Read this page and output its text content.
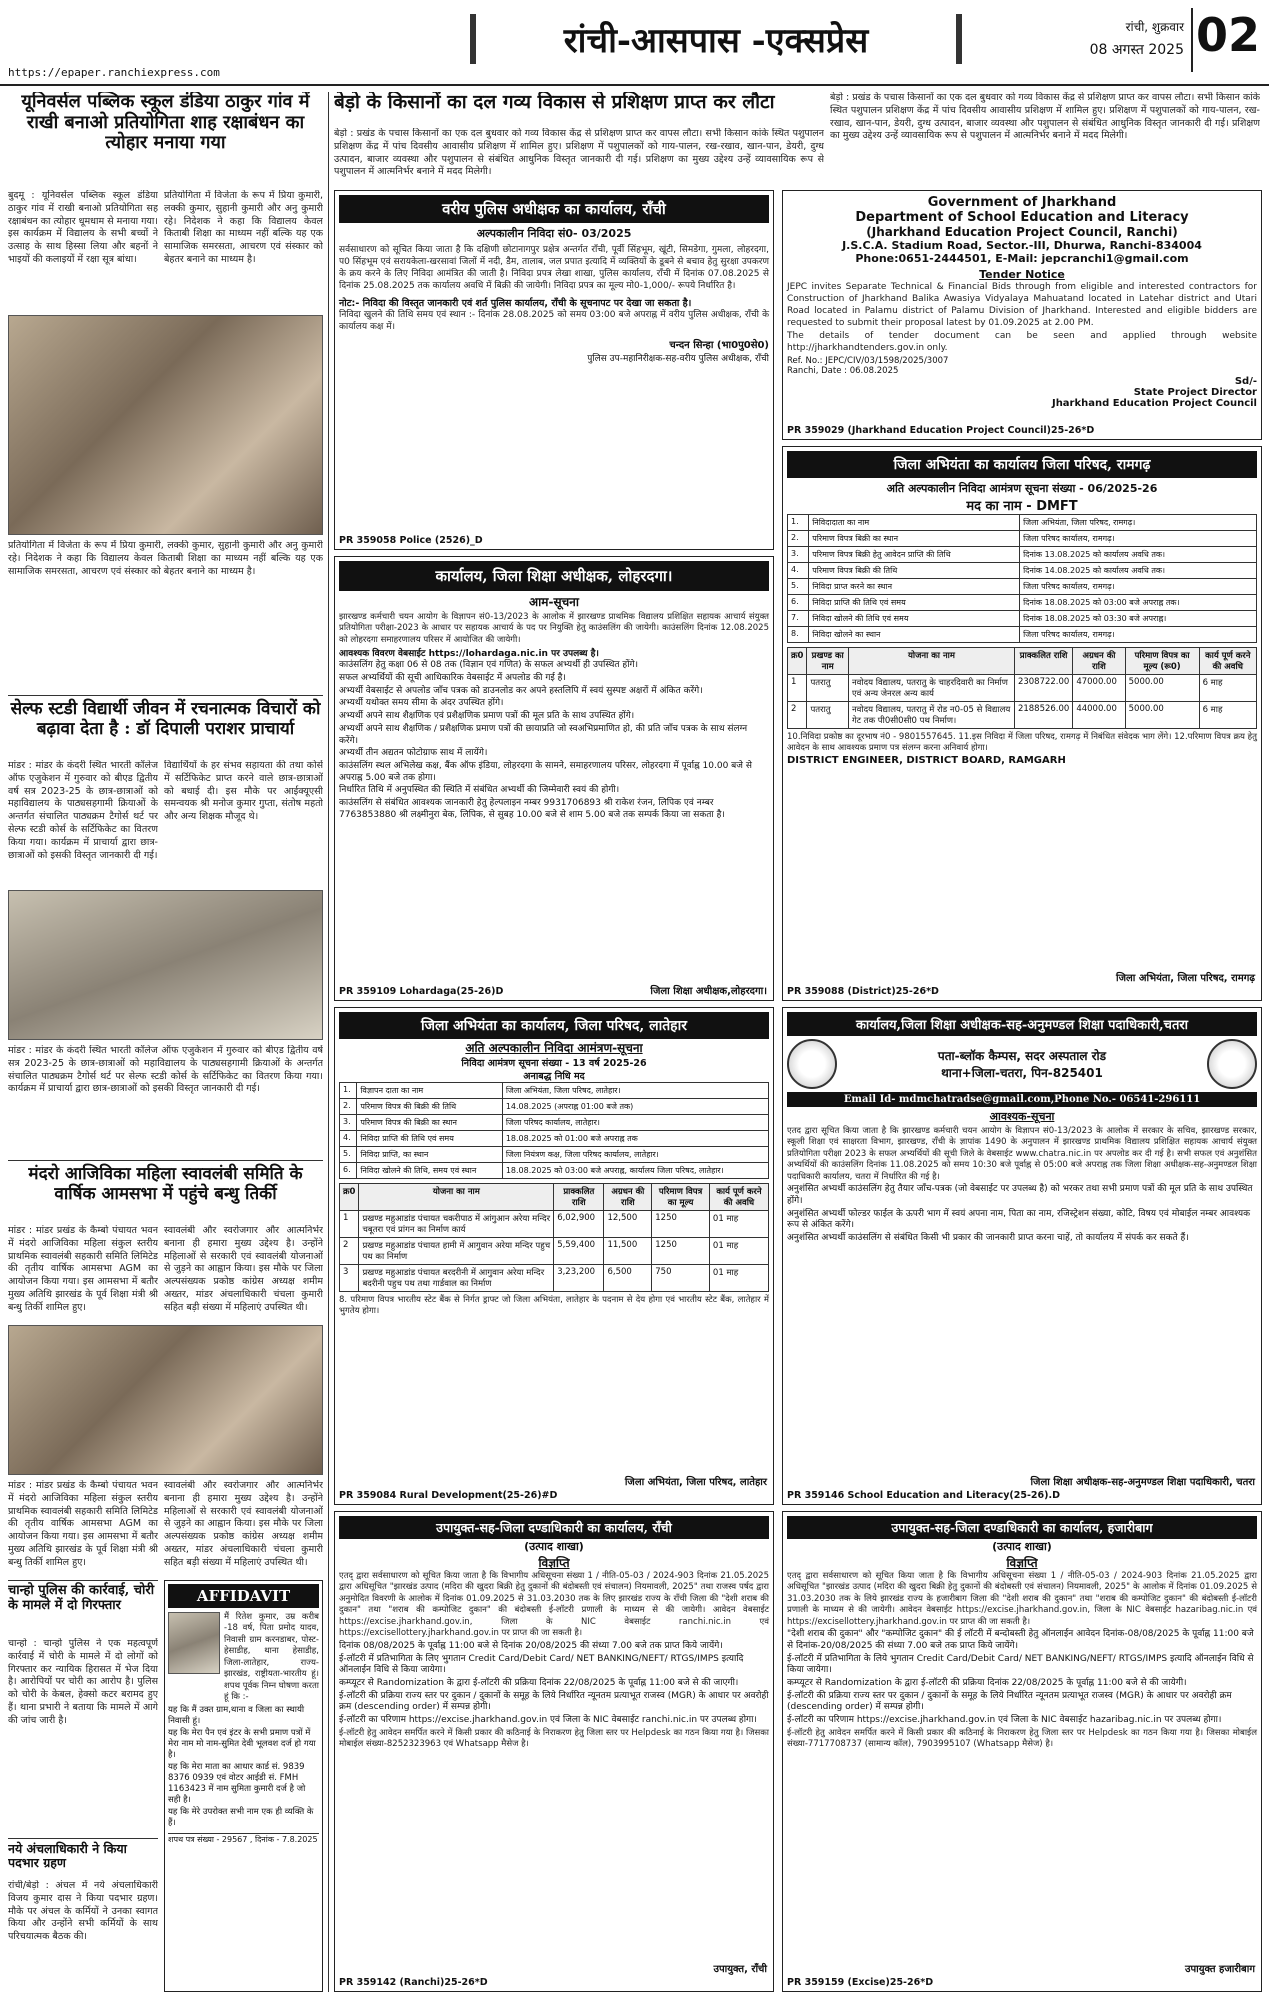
https://epaper.ranchiexpress.com
रांची-आसपास -एक्सप्रेस	रांची, शुक्रवार
08 अगस्त 2025 02
यूनिवर्सल पब्लिक स्कूल डंडिया ठाकुर गांव में राखी बनाओ प्रतियोगिता शाह रक्षाबंधन का त्योहार मनाया गया
बुदमू : यूनिवर्सल पब्लिक स्कूल डंडिया ठाकुर गांव में राखी बनाओ प्रतियोगिता सह रक्षाबंधन का त्योहार धूमधाम से मनाया गया। इस कार्यक्रम में विद्यालय के सभी बच्चों ने उत्साह के साथ हिस्सा लिया और बहनों ने भाइयों की कलाइयों में रक्षा सूत्र बांधा।
प्रतियोगिता में विजेता के रूप में प्रिया कुमारी, लक्की कुमार, सुहानी कुमारी और अनु कुमारी रहे। निदेशक ने कहा कि विद्यालय केवल किताबी शिक्षा का माध्यम नहीं बल्कि यह एक सामाजिक समरसता, आचरण एवं संस्कार को बेहतर बनाने का माध्यम है।
प्रतियोगिता में विजेता के रूप में प्रिया कुमारी, लक्की कुमार, सुहानी कुमारी और अनु कुमारी रहे। निदेशक ने कहा कि विद्यालय केवल किताबी शिक्षा का माध्यम नहीं बल्कि यह एक सामाजिक समरसता, आचरण एवं संस्कार को बेहतर बनाने का माध्यम है।
सेल्फ स्टडी विद्यार्थी जीवन में रचनात्मक विचारों को बढ़ावा देता है : डॉ दिपाली पराशर प्राचार्या
मांडर : मांडर के कंदरी स्थित भारती कॉलेज ऑफ एजुकेशन में गुरुवार को बीएड द्वितीय वर्ष सत्र 2023-25 के छात्र-छात्राओं को महाविद्यालय के पाठ्यसहगामी क्रियाओं के अन्तर्गत संचालित पाठ्यक्रम टैगोर्स थर्ट पर सेल्फ स्टडी कोर्स के सर्टिफिकेट का वितरण किया गया। कार्यक्रम में प्राचार्या द्वारा छात्र-छात्राओं को इसकी विस्तृत जानकारी दी गई।
विद्यार्थियों के हर संभव सहायता की तथा कोर्स में सर्टिफिकेट प्राप्त करने वाले छात्र-छात्राओं को बधाई दी। इस मौके पर आईक्यूएसी समन्वयक श्री मनोज कुमार गुप्ता, संतोष महतो और अन्य शिक्षक मौजूद थे।
मांडर : मांडर के कंदरी स्थित भारती कॉलेज ऑफ एजुकेशन में गुरुवार को बीएड द्वितीय वर्ष सत्र 2023-25 के छात्र-छात्राओं को महाविद्यालय के पाठ्यसहगामी क्रियाओं के अन्तर्गत संचालित पाठ्यक्रम टैगोर्स थर्ट पर सेल्फ स्टडी कोर्स के सर्टिफिकेट का वितरण किया गया। कार्यक्रम में प्राचार्या द्वारा छात्र-छात्राओं को इसकी विस्तृत जानकारी दी गई।
मंदरो आजिविका महिला स्वावलंबी समिति के वार्षिक आमसभा में पहुंचे बन्धु तिर्की
मांडर : मांडर प्रखंड के कैम्बो पंचायत भवन में मंदरो आजिविका महिला संकुल स्तरीय प्राथमिक स्वावलंबी सहकारी समिति लिमिटेड की तृतीय वार्षिक आमसभा AGM का आयोजन किया गया। इस आमसभा में बतौर मुख्य अतिथि झारखंड के पूर्व शिक्षा मंत्री श्री बन्धु तिर्की शामिल हुए।
स्वावलंबी और स्वरोजगार और आत्मनिर्भर बनाना ही हमारा मुख्य उद्देश्य है। उन्होंने महिलाओं से सरकारी एवं स्वावलंबी योजनाओं से जुड़ने का आह्वान किया। इस मौके पर जिला अल्पसंख्यक प्रकोष्ठ कांग्रेस अध्यक्ष शमीम अख्तर, मांडर अंचलाधिकारी चंचला कुमारी सहित बड़ी संख्या में महिलाएं उपस्थित थी।
मांडर : मांडर प्रखंड के कैम्बो पंचायत भवन में मंदरो आजिविका महिला संकुल स्तरीय प्राथमिक स्वावलंबी सहकारी समिति लिमिटेड की तृतीय वार्षिक आमसभा AGM का आयोजन किया गया। इस आमसभा में बतौर मुख्य अतिथि झारखंड के पूर्व शिक्षा मंत्री श्री बन्धु तिर्की शामिल हुए।
स्वावलंबी और स्वरोजगार और आत्मनिर्भर बनाना ही हमारा मुख्य उद्देश्य है। उन्होंने महिलाओं से सरकारी एवं स्वावलंबी योजनाओं से जुड़ने का आह्वान किया। इस मौके पर जिला अल्पसंख्यक प्रकोष्ठ कांग्रेस अध्यक्ष शमीम अख्तर, मांडर अंचलाधिकारी चंचला कुमारी सहित बड़ी संख्या में महिलाएं उपस्थित थी।
चान्हो पुलिस की कार्रवाई, चोरी के मामले में दो गिरफ्तार
चान्हो : चान्हो पुलिस ने एक महत्वपूर्ण कार्रवाई में चोरी के मामले में दो लोगों को गिरफ्तार कर न्यायिक हिरासत में भेज दिया है। आरोपियों पर चोरी का आरोप है। पुलिस को चोरी के केबल, हेक्सो कटर बरामद हुए हैं। थाना प्रभारी ने बताया कि मामले में आगे की जांच जारी है।
नये अंचलाधिकारी ने किया पदभार ग्रहण
रांची/बेड़ो : अंचल में नये अंचलाधिकारी विजय कुमार दास ने किया पदभार ग्रहण। मौके पर अंचल के कर्मियों ने उनका स्वागत किया और उन्होंने सभी कर्मियों के साथ परिचयात्मक बैठक की।
AFFIDAVIT
मैं रितेश कुमार, उम्र करीब -18 वर्ष, पिता प्रमोद यादव, निवासी ग्राम करनडाबर, पोस्ट-हेसाडीह, थाना हेसाडीह, जिला-लातेहार, राज्य- झारखंड, राष्ट्रीयता-भारतीय हूं। शपथ पूर्वक निम्न घोषणा करता हूं कि :-
यह कि मैं उक्त ग्राम,थाना व जिला का स्थायी निवासी हूं।
यह कि मेरा पैन एवं इंटर के सभी प्रमाण पत्रों में मेरा नाम मो नाम-सुमित देवी भूलवश दर्ज हो गया है।
यह कि मेरा माता का आधार कार्ड सं. 9839 8376 0939 एवं वोटर आईडी सं. FMH 1163423 में नाम सुमिता कुमारी दर्ज है जो सही है।
यह कि मेरे उपरोक्त सभी नाम एक ही व्यक्ति के हैं।
शपथ पत्र संख्या - 29567 , दिनांक - 7.8.2025
बेड़ो के किसानों का दल गव्य विकास से प्रशिक्षण प्राप्त कर लौटा
बेड़ो : प्रखंड के पचास किसानों का एक दल बुधवार को गव्य विकास केंद्र से प्रशिक्षण प्राप्त कर वापस लौटा। सभी किसान कांके स्थित पशुपालन प्रशिक्षण केंद्र में पांच दिवसीय आवासीय प्रशिक्षण में शामिल हुए। प्रशिक्षण में पशुपालकों को गाय-पालन, रख-रखाव, खान-पान, डेयरी, दुग्ध उत्पादन, बाजार व्यवस्था और पशुपालन से संबंधित आधुनिक विस्तृत जानकारी दी गई। प्रशिक्षण का मुख्य उद्देश्य उन्हें व्यावसायिक रूप से पशुपालन में आत्मनिर्भर बनाने में मदद मिलेगी।
बेड़ो : प्रखंड के पचास किसानों का एक दल बुधवार को गव्य विकास केंद्र से प्रशिक्षण प्राप्त कर वापस लौटा। सभी किसान कांके स्थित पशुपालन प्रशिक्षण केंद्र में पांच दिवसीय आवासीय प्रशिक्षण में शामिल हुए। प्रशिक्षण में पशुपालकों को गाय-पालन, रख-रखाव, खान-पान, डेयरी, दुग्ध उत्पादन, बाजार व्यवस्था और पशुपालन से संबंधित आधुनिक विस्तृत जानकारी दी गई। प्रशिक्षण का मुख्य उद्देश्य उन्हें व्यावसायिक रूप से पशुपालन में आत्मनिर्भर बनाने में मदद मिलेगी।
वरीय पुलिस अधीक्षक का कार्यालय, राँची
अल्पकालीन निविदा सं0- 03/2025
सर्वसाधारण को सूचित किया जाता है कि दक्षिणी छोटानागपुर प्रक्षेत्र अन्तर्गत राँची, पूर्वी सिंहभूम, खूंटी, सिमडेगा, गुमला, लोहरदगा, प0 सिंहभूम एवं सरायकेला-खरसावां जिलों में नदी, डैम, तालाब, जल प्रपात इत्यादि में व्यक्तियों के डूबने से बचाव हेतु सुरक्षा उपकरण के क्रय करने के लिए निविदा आमंत्रित की जाती है। निविदा प्रपत्र लेखा शाखा, पुलिस कार्यालय, राँची में दिनांक 07.08.2025 से दिनांक 25.08.2025 तक कार्यालय अवधि में बिक्री की जायेगी। निविदा प्रपत्र का मूल्य मो0-1,000/- रूपये निर्धारित है।
नोट:- निविदा की विस्तृत जानकारी एवं शर्त पुलिस कार्यालय, राँची के सूचनापट पर देखा जा सकता है।
निविदा खुलने की तिथि समय एवं स्थान :- दिनांक 28.08.2025 को समय 03:00 बजे अपराह्न में वरीय पुलिस अधीक्षक, राँची के कार्यालय कक्ष में।
चन्दन सिन्हा (भा0पु0से0)
पुलिस उप-महानिरीक्षक-सह-वरीय पुलिस अधीक्षक, राँची
PR 359058 Police (2526)_D
Government of Jharkhand
Department of School Education and Literacy
(Jharkhand Education Project Council, Ranchi)
J.S.C.A. Stadium Road, Sector.-III, Dhurwa, Ranchi-834004
Phone:0651-2444501, E-Mail: jepcranchi1@gmail.com
Tender Notice
JEPC invites Separate Technical & Financial Bids through from eligible and interested contractors for Construction of Jharkhand Balika Awasiya Vidyalaya Mahuatand located in Latehar district and Utari Road located in Palamu district of Palamu Division of Jharkhand. Interested and eligible bidders are requested to submit their proposal latest by 01.09.2025 at 2.00 PM.
The details of tender document can be seen and applied through website http://jharkhandtenders.gov.in only.
Ref. No.: JEPC/CIV/03/1598/2025/3007
Ranchi, Date : 06.08.2025
Sd/-
State Project Director
Jharkhand Education Project Council
PR 359029 (Jharkhand Education Project Council)25-26*D
कार्यालय, जिला शिक्षा अधीक्षक, लोहरदगा।
आम-सूचना
झारखण्ड कर्मचारी चयन आयोग के विज्ञापन सं0-13/2023 के आलोक में झारखण्ड प्राथमिक विद्यालय प्रशिक्षित सहायक आचार्य संयुक्त प्रतियोगिता परीक्षा-2023 के आधार पर सहायक आचार्य के पद पर नियुक्ति हेतु काउंसलिंग की जायेगी। काउंसलिंग दिनांक 12.08.2025 को लोहरदगा समाहरणालय परिसर में आयोजित की जायेगी।
आवश्यक विवरण वेबसाईट https://lohardaga.nic.in पर उपलब्ध है।
काउंसलिंग हेतु कक्षा 06 से 08 तक (विज्ञान एवं गणित) के सफल अभ्यर्थी ही उपस्थित होंगे।
सफल अभ्यर्थियों की सूची आधिकारिक वेबसाईट में अपलोड की गई है।
अभ्यर्थी वेबसाईट से अपलोड जाँच पत्रक को डाउनलोड कर अपने हस्तलिपि में स्वयं सुस्पष्ट अक्षरों में अंकित करेंगे।
अभ्यर्थी यथोक्त समय सीमा के अंदर उपस्थित होंगे।
अभ्यर्थी अपने साथ शैक्षणिक एवं प्रशैक्षणिक प्रमाण पत्रों की मूल प्रति के साथ उपस्थित होंगे।
अभ्यर्थी अपने साथ शैक्षणिक / प्रशैक्षणिक प्रमाण पत्रों की छायाप्रति जो स्वअभिप्रमाणित हो, की प्रति जाँच पत्रक के साथ संलग्न करेंगे।
अभ्यर्थी तीन अद्यतन फोटोग्राफ साथ में लायेंगे।
काउंसलिंग स्थल अभिलेख कक्ष, बैंक ऑफ इंडिया, लोहरदगा के सामने, समाहरणालय परिसर, लोहरदगा में पूर्वाह्न 10.00 बजे से अपराह्न 5.00 बजे तक होगा।
निर्धारित तिथि में अनुपस्थित की स्थिति में संबंधित अभ्यर्थी की जिम्मेवारी स्वयं की होगी।
काउंसलिंग से संबंधित आवश्यक जानकारी हेतु हेल्पलाइन नम्बर 9931706893 श्री राकेश रंजन, लिपिक एवं नम्बर 7763853880 श्री लक्ष्मीनुरा बेक, लिपिक, से सुबह 10.00 बजे से शाम 5.00 बजे तक सम्पर्क किया जा सकता है।
जिला शिक्षा अधीक्षक,लोहरदगा।
PR 359109 Lohardaga(25-26)D
जिला अभियंता का कार्यालय जिला परिषद, रामगढ़
अति अल्पकालीन निविदा आमंत्रण सूचना संख्या - 06/2025-26
मद का नाम - DMFT
1.	निविदादाता का नाम	जिला अभियंता, जिला परिषद, रामगढ़।
2.	परिमाण विपत्र बिक्री का स्थान	जिला परिषद कार्यालय, रामगढ़।
3.	परिमाण विपत्र बिक्री हेतु आवेदन प्राप्ति की तिथि	दिनांक 13.08.2025 को कार्यालय अवधि तक।
4.	परिमाण विपत्र बिक्री की तिथि	दिनांक 14.08.2025 को कार्यालय अवधि तक।
5.	निविदा प्राप्त करने का स्थान	जिला परिषद कार्यालय, रामगढ़।
6.	निविदा प्राप्ति की तिथि एवं समय	दिनांक 18.08.2025 को 03:00 बजे अपराह्न तक।
7.	निविदा खोलने की तिथि एवं समय	दिनांक 18.08.2025 को 03:30 बजे अपराह्न।
8.	निविदा खोलने का स्थान	जिला परिषद कार्यालय, रामगढ़।
क्र0	प्रखण्ड का नाम	योजना का नाम	प्राक्कलित राशि	अग्रधन की राशि	परिमाण विपत्र का मूल्य (रू0)	कार्य पूर्ण करने की अवधि
1	पतरातु	नवोदय विद्यालय, पतरातु के चाहरदिवारी का निर्माण एवं अन्य जेनरल अन्य कार्य	2308722.00	47000.00	5000.00	6 माह
2	पतरातु	नवोदय विद्यालय, पतरातु में रोड न0-05 से विद्यालय गेट तक पी0सी0सी0 पथ निर्माण।	2188526.00	44000.00	5000.00	6 माह
10.निविदा प्रकोष्ठ का दूरभाष नं0 - 9801557645. 11.इस निविदा में जिला परिषद, रामगढ़ में निबंधित संवेदक भाग लेंगे। 12.परिमाण विपत्र क्रय हेतु आवेदन के साथ आवश्यक प्रमाण पत्र संलग्न करना अनिवार्य होगा।
DISTRICT ENGINEER, DISTRICT BOARD, RAMGARH
जिला अभियंता, जिला परिषद, रामगढ़
PR 359088 (District)25-26*D
जिला अभियंता का कार्यालय, जिला परिषद, लातेहार
अति अल्पकालीन निविदा आमंत्रण-सूचना
निविदा आमंत्रण सूचना संख्या - 13 वर्ष 2025-26
अनाबद्ध निधि मद
1.	विज्ञापन दाता का नाम	जिला अभियंता, जिला परिषद, लातेहार।
2.	परिमाण विपत्र की बिक्री की तिथि	14.08.2025 (अपराह्न 01:00 बजे तक)
3.	परिमाण विपत्र की बिक्री का स्थान	जिला परिषद कार्यालय, लातेहार।
4.	निविदा प्राप्ति की तिथि एवं समय	18.08.2025 को 01:00 बजे अपराह्न तक
5.	निविदा प्राप्ति, का स्थान	जिला नियंत्रण कक्ष, जिला परिषद कार्यालय, लातेहार।
6.	निविदा खोलने की तिथि, समय एवं स्थान	18.08.2025 को 03:00 बजे अपराह्न, कार्यालय जिला परिषद, लातेहार।
क्र0	योजना का नाम	प्राक्कलित राशि	अग्रधन की राशि	परिमाण विपत्र का मूल्य	कार्य पूर्ण करने की अवधि
1	प्रखण्ड महुआडांड पंचायत चकरीपाठ में आंगुआन अरेया मन्दिर चबूतरा एवं प्रांगन का निर्माण कार्य	6,02,900	12,500	1250	01 माह
2	प्रखण्ड महुआडांड पंचायत हामी में आगुवान अरेया मन्दिर पहुच पथ का निर्माण	5,59,400	11,500	1250	01 माह
3	प्रखण्ड महुआडांड पंचायत बरदरीनी में आगुवान अरेया मन्दिर बदरीनी पहुच पथ तथा गार्डवाल का निर्माण	3,23,200	6,500	750	01 माह
8. परिमाण विपत्र भारतीय स्टेट बैंक से निर्गत ड्राफ्ट जो जिला अभियंता, लातेहार के पदनाम से देय होगा एवं भारतीय स्टेट बैंक, लातेहार में भुगतेय होगा।
जिला अभियंता, जिला परिषद, लातेहार
PR 359084 Rural Development(25-26)#D
कार्यालय,जिला शिक्षा अधीक्षक-सह-अनुमण्डल शिक्षा पदाधिकारी,चतरा
पता-ब्लॉक कैम्पस, सदर अस्पताल रोड
थाना+जिला-चतरा, पिन-825401
Email Id- mdmchatradse@gmail.com,Phone No.- 06541-296111
आवश्यक-सूचना
एतद द्वारा सूचित किया जाता है कि झारखण्ड कर्मचारी चयन आयोग के विज्ञापन सं0-13/2023 के आलोक में सरकार के सचिव, झारखण्ड सरकार, स्कूली शिक्षा एवं साक्षरता विभाग, झारखण्ड, राँची के ज्ञापांक 1490 के अनुपालन में झारखण्ड प्राथमिक विद्यालय प्रशिक्षित सहायक आचार्य संयुक्त प्रतियोगिता परीक्षा 2023 के सफल अभ्यर्थियों की सूची जिले के वेबसाईट www.chatra.nic.in पर अपलोड कर दी गई है। सभी सफल एवं अनुशंसित अभ्यर्थियों की काउंसलिंग दिनांक 11.08.2025 को समय 10:30 बजे पूर्वाह्न से 05:00 बजे अपराह्न तक जिला शिक्षा अधीक्षक-सह-अनुमण्डल शिक्षा पदाधिकारी कार्यालय, चतरा में निर्धारित की गई है।
अनुशंसित अभ्यर्थी काउंसलिंग हेतु तैयार जाँच-पत्रक (जो वेबसाईट पर उपलब्ध है) को भरकर तथा सभी प्रमाण पत्रों की मूल प्रति के साथ उपस्थित होंगे।
अनुशंसित अभ्यर्थी फोल्डर फाईल के ऊपरी भाग में स्वयं अपना नाम, पिता का नाम, रजिस्ट्रेशन संख्या, कोटि, विषय एवं मोबाईल नम्बर आवश्यक रूप से अंकित करेंगे।
अनुशंसित अभ्यर्थी काउंसलिंग से संबंधित किसी भी प्रकार की जानकारी प्राप्त करना चाहें, तो कार्यालय में संपर्क कर सकते हैं।
जिला शिक्षा अधीक्षक-सह-अनुमण्डल शिक्षा पदाधिकारी, चतरा
PR 359146 School Education and Literacy(25-26).D
उपायुक्त-सह-जिला दण्डाधिकारी का कार्यालय, राँची
(उत्पाद शाखा)
विज्ञप्ति
एतद् द्वारा सर्वसाधारण को सूचित किया जाता है कि विभागीय अधिसूचना संख्या 1 / नीति-05-03 / 2024-903 दिनांक 21.05.2025 द्वारा अधिसूचित "झारखंड उत्पाद (मदिरा की खुदरा बिक्री हेतु दुकानों की बंदोबस्ती एवं संचालन) नियमावली, 2025" तथा राजस्व पर्षद द्वारा अनुमोदित विवरणी के आलोक में दिनांक 01.09.2025 से 31.03.2030 तक के लिए झारखंड राज्य के राँची जिला की "देशी शराब की दुकान" तथा "शराब की कम्पोजिट दुकान" की बंदोबस्ती ई-लॉटरी प्रणाली के माध्यम से की जायेगी। आवेदन वेबसाईट https://excise.jharkhand.gov.in, जिला के NIC वेबसाईट ranchi.nic.in एवं https://excisellottery.jharkhand.gov.in पर प्राप्त की जा सकती है।
दिनांक 08/08/2025 के पूर्वाह्न 11:00 बजे से दिनांक 20/08/2025 की संध्या 7.00 बजे तक प्राप्त किये जायेंगे।
ई-लॉटरी में प्रतिभागिता के लिए भुगतान Credit Card/Debit Card/ NET BANKING/NEFT/ RTGS/IMPS इत्यादि ऑनलाईन विधि से किया जायेगा।
कम्प्यूटर से Randomization के द्वारा ई-लॉटरी की प्रक्रिया दिनांक 22/08/2025 के पूर्वाह्न 11:00 बजे से की जाएगी।
ई-लॉटरी की प्रक्रिया राज्य स्तर पर दुकान / दुकानों के समूह के लिये निर्धारित न्यूनतम प्रत्याभूत राजस्व (MGR) के आधार पर अवरोही क्रम (descending order) में सम्पन्न होगी।
ई-लॉटरी का परिणाम https://excise.jharkhand.gov.in एवं जिला के NIC वेबसाईट ranchi.nic.in पर उपलब्ध होगा।
ई-लॉटरी हेतु आवेदन समर्पित करने में किसी प्रकार की कठिनाई के निराकरण हेतु जिला स्तर पर Helpdesk का गठन किया गया है। जिसका मोबाईल संख्या-8252323963 एवं Whatsapp मैसेज है।
उपायुक्त, राँची
PR 359142 (Ranchi)25-26*D
उपायुक्त-सह-जिला दण्डाधिकारी का कार्यालय, हजारीबाग
(उत्पाद शाखा)
विज्ञप्ति
एतद् द्वारा सर्वसाधारण को सूचित किया जाता है कि विभागीय अधिसूचना संख्या 1 / नीति-05-03 / 2024-903 दिनांक 21.05.2025 द्वारा अधिसूचित "झारखंड उत्पाद (मदिरा की खुदरा बिक्री हेतु दुकानों की बंदोबस्ती एवं संचालन) नियमावली, 2025" के आलोक में दिनांक 01.09.2025 से 31.03.2030 तक के लिये झारखंड राज्य के हजारीबाग जिला की "देशी शराब की दुकान" तथा "शराब की कम्पोजिट दुकान" की बंदोबस्ती ई-लॉटरी प्रणाली के माध्यम से की जायेगी। आवेदन वेबसाईट https://excise.jharkhand.gov.in, जिला के NIC वेबसाईट hazaribag.nic.in एवं https://excisellottery.jharkhand.gov.in पर प्राप्त की जा सकती है।
"देशी शराब की दुकान" और "कम्पोजिट दुकान" की ई लॉटरी में बन्दोबस्ती हेतु ऑनलाईन आवेदन दिनांक-08/08/2025 के पूर्वाह्न 11:00 बजे से दिनांक-20/08/2025 की संध्या 7.00 बजे तक प्राप्त किये जायेंगे।
ई-लॉटरी में प्रतिभागिता के लिये भुगतान Credit Card/Debit Card/ NET BANKING/NEFT/ RTGS/IMPS इत्यादि ऑनलाईन विधि से किया जायेगा।
कम्प्यूटर से Randomization के द्वारा ई-लॉटरी की प्रक्रिया दिनांक 22/08/2025 के पूर्वाह्न 11:00 बजे से की जायेगी।
ई-लॉटरी की प्रक्रिया राज्य स्तर पर दुकान / दुकानों के समूह के लिये निर्धारित न्यूनतम प्रत्याभूत राजस्व (MGR) के आधार पर अवरोही क्रम (descending order) में सम्पन्न होगी।
ई-लॉटरी का परिणाम https://excise.jharkhand.gov.in एवं जिला के NIC वेबसाईट hazaribag.nic.in पर उपलब्ध होगा।
ई-लॉटरी हेतु आवेदन समर्पित करने में किसी प्रकार की कठिनाई के निराकरण हेतु जिला स्तर पर Helpdesk का गठन किया गया है। जिसका मोबाईल संख्या-7717708737 (सामान्य कॉल), 7903995107 (Whatsapp मैसेज) है।
उपायुक्त हजारीबाग
PR 359159 (Excise)25-26*D
